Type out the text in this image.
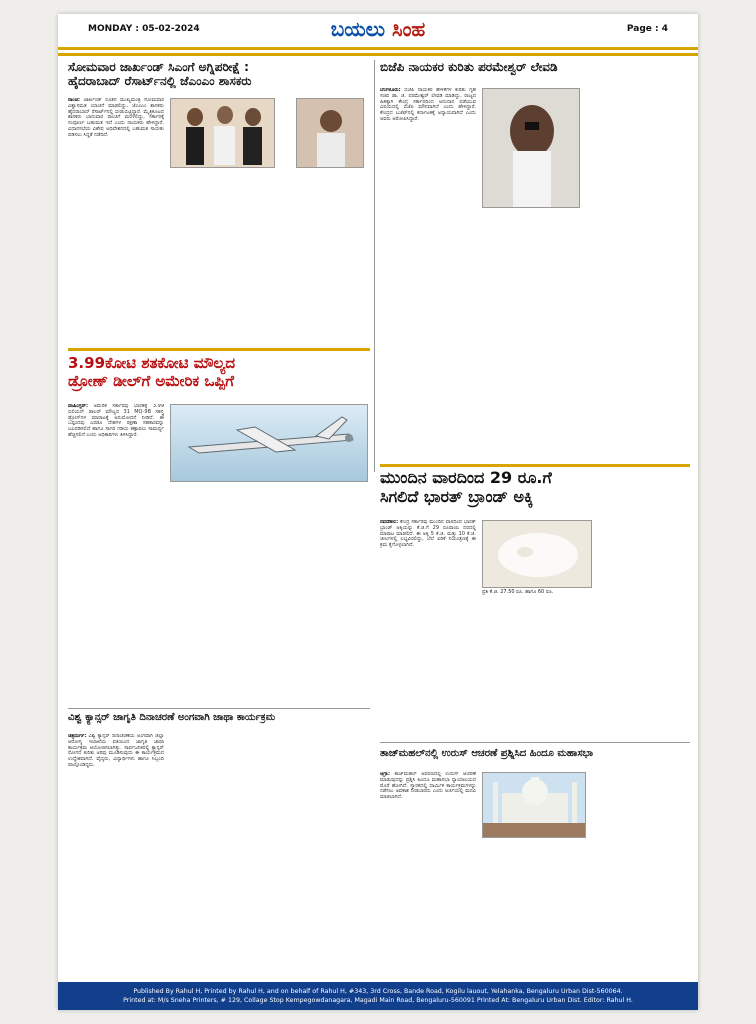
MONDAY : 05-02-2024	ಬಯಲು ಸಿಂಹ	Page : 4
ಸೋಮವಾರ ಜಾರ್ಖಂಡ್ ಸಿಎಂಗೆ ಅಗ್ನಿಪರೀಕ್ಷೆ :
ಹೈದರಾಬಾದ್ ರೆಸಾರ್ಟ್‌ನಲ್ಲಿ ಜೆಎಂಎಂ ಶಾಸಕರು

ರಾಂಚಿ: ಜಾರ್ಖಂಡ್ ನೂತನ ಮುಖ್ಯಮಂತ್ರಿ ಸೋಮವಾರ ವಿಶ್ವಾಸಮತ ಯಾಚನೆ ಮಾಡಲಿದ್ದು, ಜೆಎಂಎಂ ಶಾಸಕರು ಹೈದರಾಬಾದ್ ರೆಸಾರ್ಟ್‌ನಲ್ಲಿ ಬೀಡುಬಿಟ್ಟಿದ್ದಾರೆ. ಮೈತ್ರಿಕೂಟದ ಶಾಸಕರು ಭಾನುವಾರ ರಾಂಚಿಗೆ ಮರಳಲಿದ್ದು, ಸರ್ಕಾರಕ್ಕೆ ಸಂಪೂರ್ಣ ಬಹುಮತ ಇದೆ ಎಂದು ನಾಯಕರು ಹೇಳಿದ್ದಾರೆ. ವಿಧಾನಸಭೆಯ ವಿಶೇಷ ಅಧಿವೇಶನದಲ್ಲಿ ಬಹುಮತ ಸಾಬೀತು ಪಡಿಸಲು ಸಿದ್ಧತೆ ನಡೆದಿದೆ.

ಬಿಜೆಪಿ ನಾಯಕರ ಕುರಿತು ಪರಮೇಶ್ವರ್ ಲೇವಡಿ

ಬೆಂಗಳೂರು: ಬಿಜೆಪಿ ನಾಯಕರ ಹೇಳಿಕೆಗಳ ಕುರಿತು ಗೃಹ ಸಚಿವ ಡಾ. ಜಿ. ಪರಮೇಶ್ವರ್ ಲೇವಡಿ ಮಾಡಿದ್ದು, ರಾಜ್ಯದ ಹಿತಕ್ಕಾಗಿ ಕೇಂದ್ರ ಸರ್ಕಾರದಿಂದ ಅನುದಾನ ಪಡೆಯುವ ವಿಷಯದಲ್ಲಿ ಬಿಜೆಪಿ ಮೌನವಾಗಿದೆ ಎಂದು ಹೇಳಿದ್ದಾರೆ. ಕೇಂದ್ರದ ಬಜೆಟ್‌ನಲ್ಲಿ ಕರ್ನಾಟಕಕ್ಕೆ ಅನ್ಯಾಯವಾಗಿದೆ ಎಂದು ಅವರು ಆರೋಪಿಸಿದ್ದಾರೆ.

3.99ಕೋಟಿ ಶತಕೋಟಿ ಮೌಲ್ಯದ
ಡ್ರೋಣ್ ಡೀಲ್‌ಗೆ ಅಮೇರಿಕ ಒಪ್ಪಿಗೆ

ವಾಷಿಂಗ್ಟನ್: ಅಮೆರಿಕ ಸರ್ಕಾರವು ಭಾರತಕ್ಕೆ 3.99 ಬಿಲಿಯನ್ ಡಾಲರ್ ಮೌಲ್ಯದ 31 MQ-9B ಸಶಸ್ತ್ರ ಡ್ರೋನ್‌ಗಳ ಮಾರಾಟಕ್ಕೆ ಅನುಮೋದನೆ ನೀಡಿದೆ. ಈ ಒಪ್ಪಂದವು ಎರಡೂ ದೇಶಗಳ ರಕ್ಷಣಾ ಸಹಕಾರವನ್ನು ಬಲಪಡಿಸಲಿದೆ ಹಾಗೂ ಸಾಗರ ಗಡಿಯ ಕಣ್ಗಾವಲು ಸಾಮರ್ಥ್ಯ ಹೆಚ್ಚಿಸಲಿದೆ ಎಂದು ಅಧಿಕಾರಿಗಳು ತಿಳಿಸಿದ್ದಾರೆ.

ಮುಂದಿನ ವಾರದಿಂದ 29 ರೂ.ಗೆ
ಸಿಗಲಿದೆ ಭಾರತ್ ಬ್ರಾಂಡ್ ಅಕ್ಕಿ
ಪ್ರತಿ ಕೆ.ಜಿ. 27.50 ರೂ. ಹಾಗೂ 60 ರೂ.

ನವದೆಹಲಿ: ಕೇಂದ್ರ ಸರ್ಕಾರವು ಮುಂದಿನ ವಾರದಿಂದ ಭಾರತ್ ಬ್ರಾಂಡ್ ಅಕ್ಕಿಯನ್ನು ಕೆ.ಜಿ.ಗೆ 29 ರೂಪಾಯಿ ದರದಲ್ಲಿ ಮಾರಾಟ ಮಾಡಲಿದೆ. ಈ ಅಕ್ಕಿ 5 ಕೆ.ಜಿ. ಮತ್ತು 10 ಕೆ.ಜಿ. ಚೀಲಗಳಲ್ಲಿ ಲಭ್ಯವಿರಲಿದ್ದು, ಬೆಲೆ ಏರಿಕೆ ನಿಯಂತ್ರಣಕ್ಕೆ ಈ ಕ್ರಮ ಕೈಗೊಳ್ಳಲಾಗಿದೆ.

ವಿಶ್ವ ಕ್ಯಾನ್ಸರ್ ಜಾಗೃತಿ ದಿನಾಚರಣೆ ಅಂಗವಾಗಿ ಜಾಥಾ ಕಾರ್ಯಕ್ರಮ

ಚಿತ್ರದುರ್ಗ: ವಿಶ್ವ ಕ್ಯಾನ್ಸರ್ ದಿನಾಚರಣೆಯ ಅಂಗವಾಗಿ ಜಿಲ್ಲಾ ಆರೋಗ್ಯ ಇಲಾಖೆಯ ವತಿಯಿಂದ ಜಾಗೃತಿ ಜಾಥಾ ಕಾರ್ಯಕ್ರಮ ಆಯೋಜಿಸಲಾಗಿತ್ತು. ಸಾರ್ವಜನಿಕರಲ್ಲಿ ಕ್ಯಾನ್ಸರ್ ರೋಗದ ಕುರಿತು ಅರಿವು ಮೂಡಿಸುವುದು ಈ ಕಾರ್ಯಕ್ರಮದ ಉದ್ದೇಶವಾಗಿದೆ. ವೈದ್ಯರು, ವಿದ್ಯಾರ್ಥಿಗಳು ಹಾಗೂ ಸಿಬ್ಬಂದಿ ಪಾಲ್ಗೊಂಡಿದ್ದರು.

ತಾಜ್‌ಮಹಲ್‌ನಲ್ಲಿ ಉರುಸ್ ಆಚರಣೆ ಪ್ರಶ್ನಿಸಿದ ಹಿಂದೂ ಮಹಾಸಭಾ

ಆಗ್ರಾ: ತಾಜ್‌ಮಹಲ್ ಆವರಣದಲ್ಲಿ ಉರುಸ್ ಆಚರಣೆ ಮಾಡುವುದನ್ನು ಪ್ರಶ್ನಿಸಿ ಹಿಂದೂ ಮಹಾಸಭಾ ನ್ಯಾಯಾಲಯದ ಮೊರೆ ಹೋಗಿದೆ. ಸ್ಮಾರಕದಲ್ಲಿ ಧಾರ್ಮಿಕ ಕಾರ್ಯಕ್ರಮಗಳನ್ನು ನಡೆಸಲು ಅವಕಾಶ ನೀಡಬಾರದು ಎಂದು ಅರ್ಜಿಯಲ್ಲಿ ಮನವಿ ಮಾಡಲಾಗಿದೆ.

Published By Rahul H, Printed by Rahul H, and on behalf of Rahul H, #343, 3rd Cross, Bande Road, Kogilu lauout, Yelahanka, Bengaluru Urban Dist-560064.
Printed at: M/s Sneha Printers, # 129, Collage Stop Kempegowdanagara, Magadi Main Road, Bengaluru-560091 Printed At: Bengaluru Urban Dist. Editor: Rahul H.
